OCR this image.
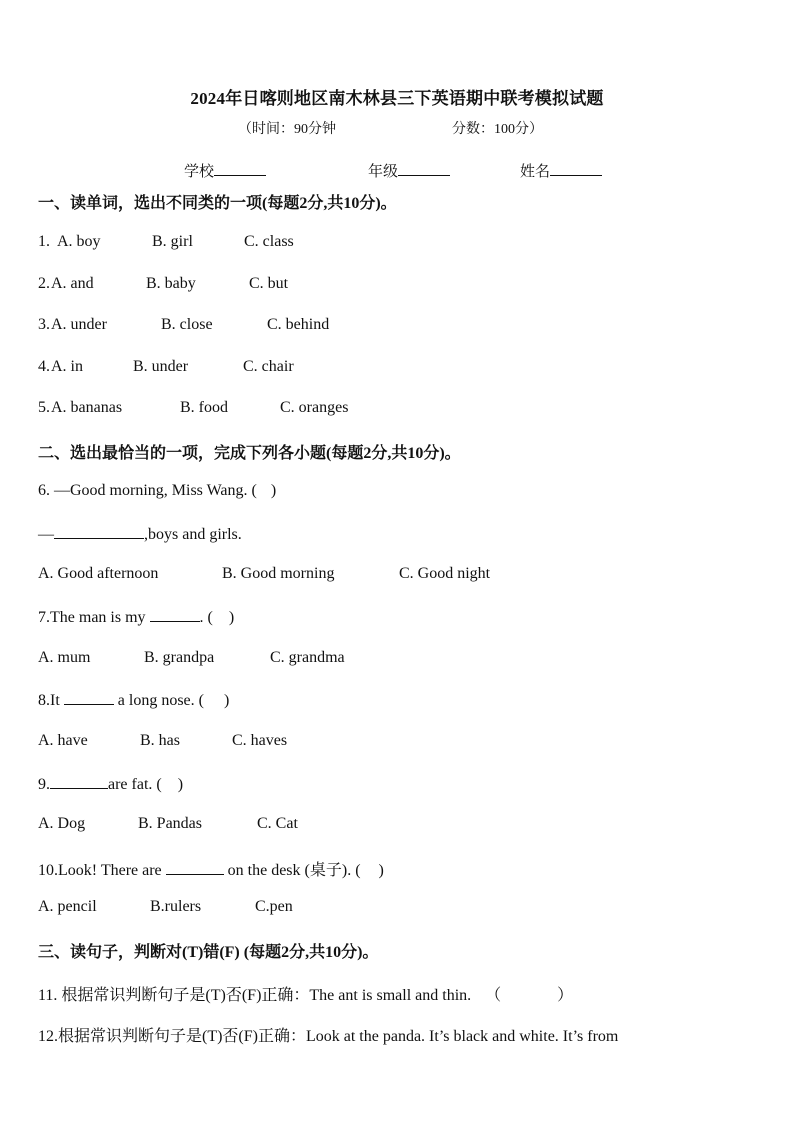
2024年日喀则地区南木林县三下英语期中联考模拟试题
（时间：90分钟	分数：100分）
学校	年级	姓名
一、读单词，选出不同类的一项(每题2分,共10分)。
1. A. boy	B. girl	C. class
2. A. and	B. baby	C. but
3. A. under	B. close	C. behind
4. A. in	B. under	C. chair
5. A. bananas	B. food	C. oranges
二、选出最恰当的一项，完成下列各小题(每题2分,共10分)。
6. —Good morning, Miss Wang. ( )
—	,boys and girls.
A. Good afternoon	B. Good morning	C. Good night
7.The man is my	. ( )
A. mum	B. grandpa	C. grandma
8.It	a long nose. ( )
A. have	B. has	C. haves
9.	are fat. ( )
A. Dog	B. Pandas	C. Cat
10.Look! There are	on the desk (桌子). ( )
A. pencil	B.rulers	C.pen
三、读句子，判断对(T)错(F) (每题2分,共10分)。
11. 根据常识判断句子是(T)否(F)正确：The ant is small and thin. （	）
12.根据常识判断句子是(T)否(F)正确：Look at the panda. It’s black and white. It’s from
